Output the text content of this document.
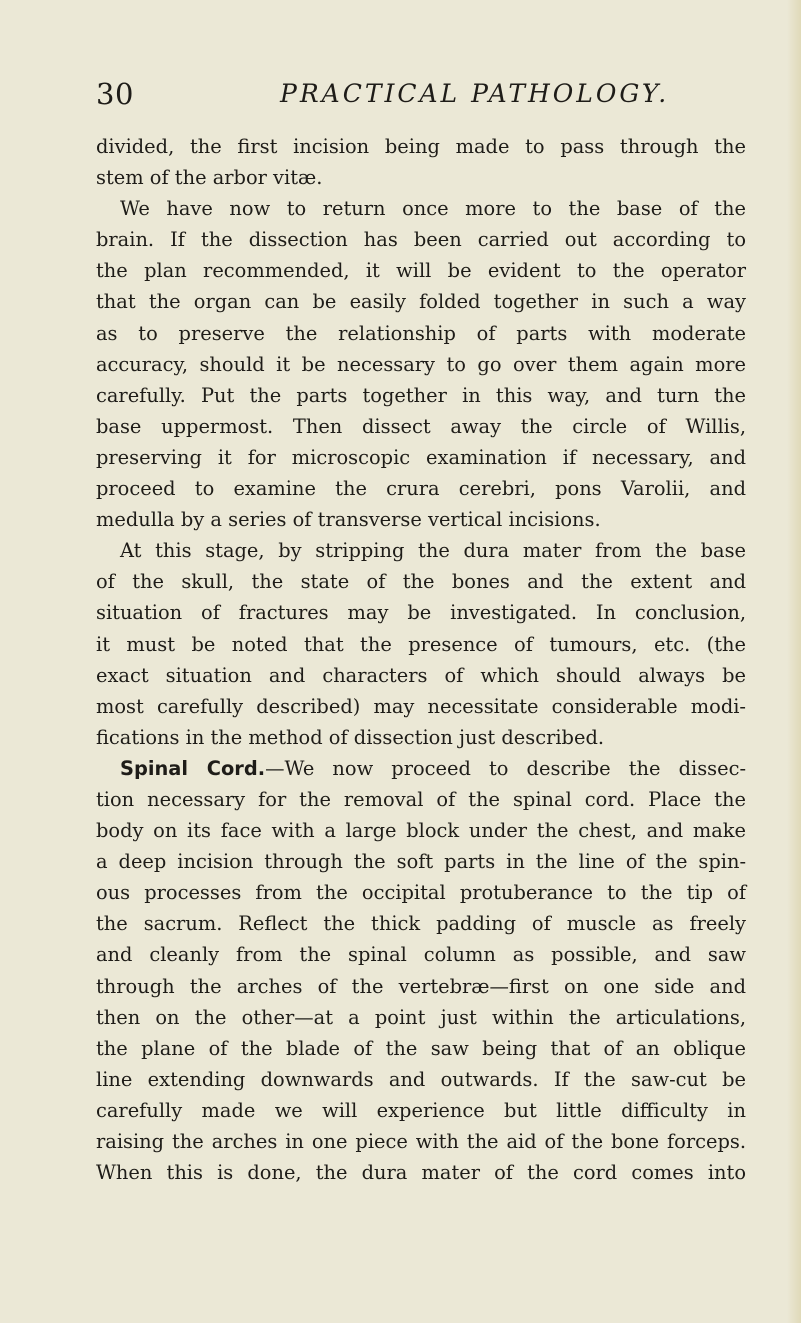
30	PRACTICAL PATHOLOGY.
divided, the first incision being made to pass through the
stem of the arbor vitæ.
We have now to return once more to the base of the
brain. If the dissection has been carried out according to
the plan recommended, it will be evident to the operator
that the organ can be easily folded together in such a way
as to preserve the relationship of parts with moderate
accuracy, should it be necessary to go over them again more
carefully. Put the parts together in this way, and turn the
base uppermost. Then dissect away the circle of Willis,
preserving it for microscopic examination if necessary, and
proceed to examine the crura cerebri, pons Varolii, and
medulla by a series of transverse vertical incisions.
At this stage, by stripping the dura mater from the base
of the skull, the state of the bones and the extent and
situation of fractures may be investigated. In conclusion,
it must be noted that the presence of tumours, etc. (the
exact situation and characters of which should always be
most carefully described) may necessitate considerable modi-
fications in the method of dissection just described.
Spinal Cord.—We now proceed to describe the dissec-
tion necessary for the removal of the spinal cord. Place the
body on its face with a large block under the chest, and make
a deep incision through the soft parts in the line of the spin-
ous processes from the occipital protuberance to the tip of
the sacrum. Reflect the thick padding of muscle as freely
and cleanly from the spinal column as possible, and saw
through the arches of the vertebræ—first on one side and
then on the other—at a point just within the articulations,
the plane of the blade of the saw being that of an oblique
line extending downwards and outwards. If the saw-cut be
carefully made we will experience but little difficulty in
raising the arches in one piece with the aid of the bone forceps.
When this is done, the dura mater of the cord comes into
